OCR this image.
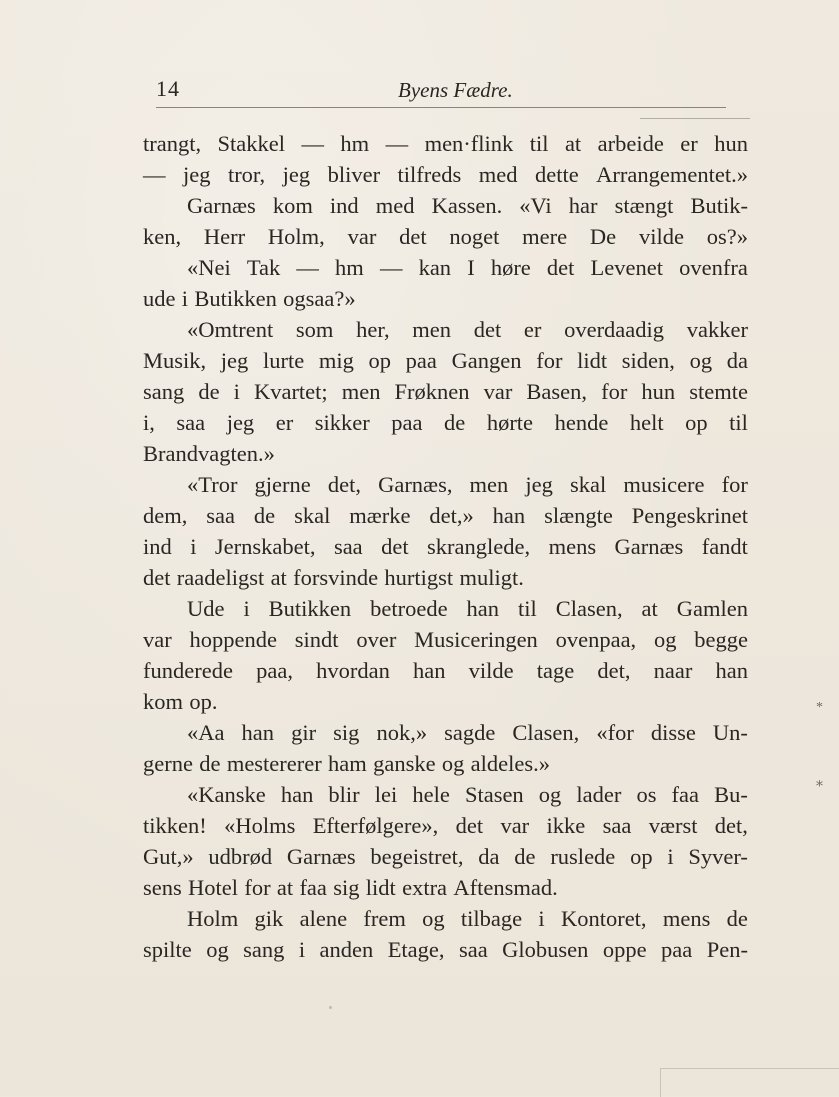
14	Byens Fædre.
trangt, Stakkel — hm — men·flink til at arbeide er hun
— jeg tror, jeg bliver tilfreds med dette Arrangementet.»
Garnæs kom ind med Kassen. «Vi har stængt Butik-
ken, Herr Holm, var det noget mere De vilde os?»
«Nei Tak — hm — kan I høre det Levenet ovenfra
ude i Butikken ogsaa?»
«Omtrent som her, men det er overdaadig vakker
Musik, jeg lurte mig op paa Gangen for lidt siden, og da
sang de i Kvartet; men Frøknen var Basen, for hun stemte
i, saa jeg er sikker paa de hørte hende helt op til
Brandvagten.»
«Tror gjerne det, Garnæs, men jeg skal musicere for
dem, saa de skal mærke det,» han slængte Pengeskrinet
ind i Jernskabet, saa det skranglede, mens Garnæs fandt
det raadeligst at forsvinde hurtigst muligt.
Ude i Butikken betroede han til Clasen, at Gamlen
var hoppende sindt over Musiceringen ovenpaa, og begge
funderede paa, hvordan han vilde tage det, naar han
kom op.
«Aa han gir sig nok,» sagde Clasen, «for disse Un-
gerne de mestererer ham ganske og aldeles.»
«Kanske han blir lei hele Stasen og lader os faa Bu-
tikken! «Holms Efterfølgere», det var ikke saa værst det,
Gut,» udbrød Garnæs begeistret, da de ruslede op i Syver-
sens Hotel for at faa sig lidt extra Aftensmad.
Holm gik alene frem og tilbage i Kontoret, mens de
spilte og sang i anden Etage, saa Globusen oppe paa Pen-
*
⁎
